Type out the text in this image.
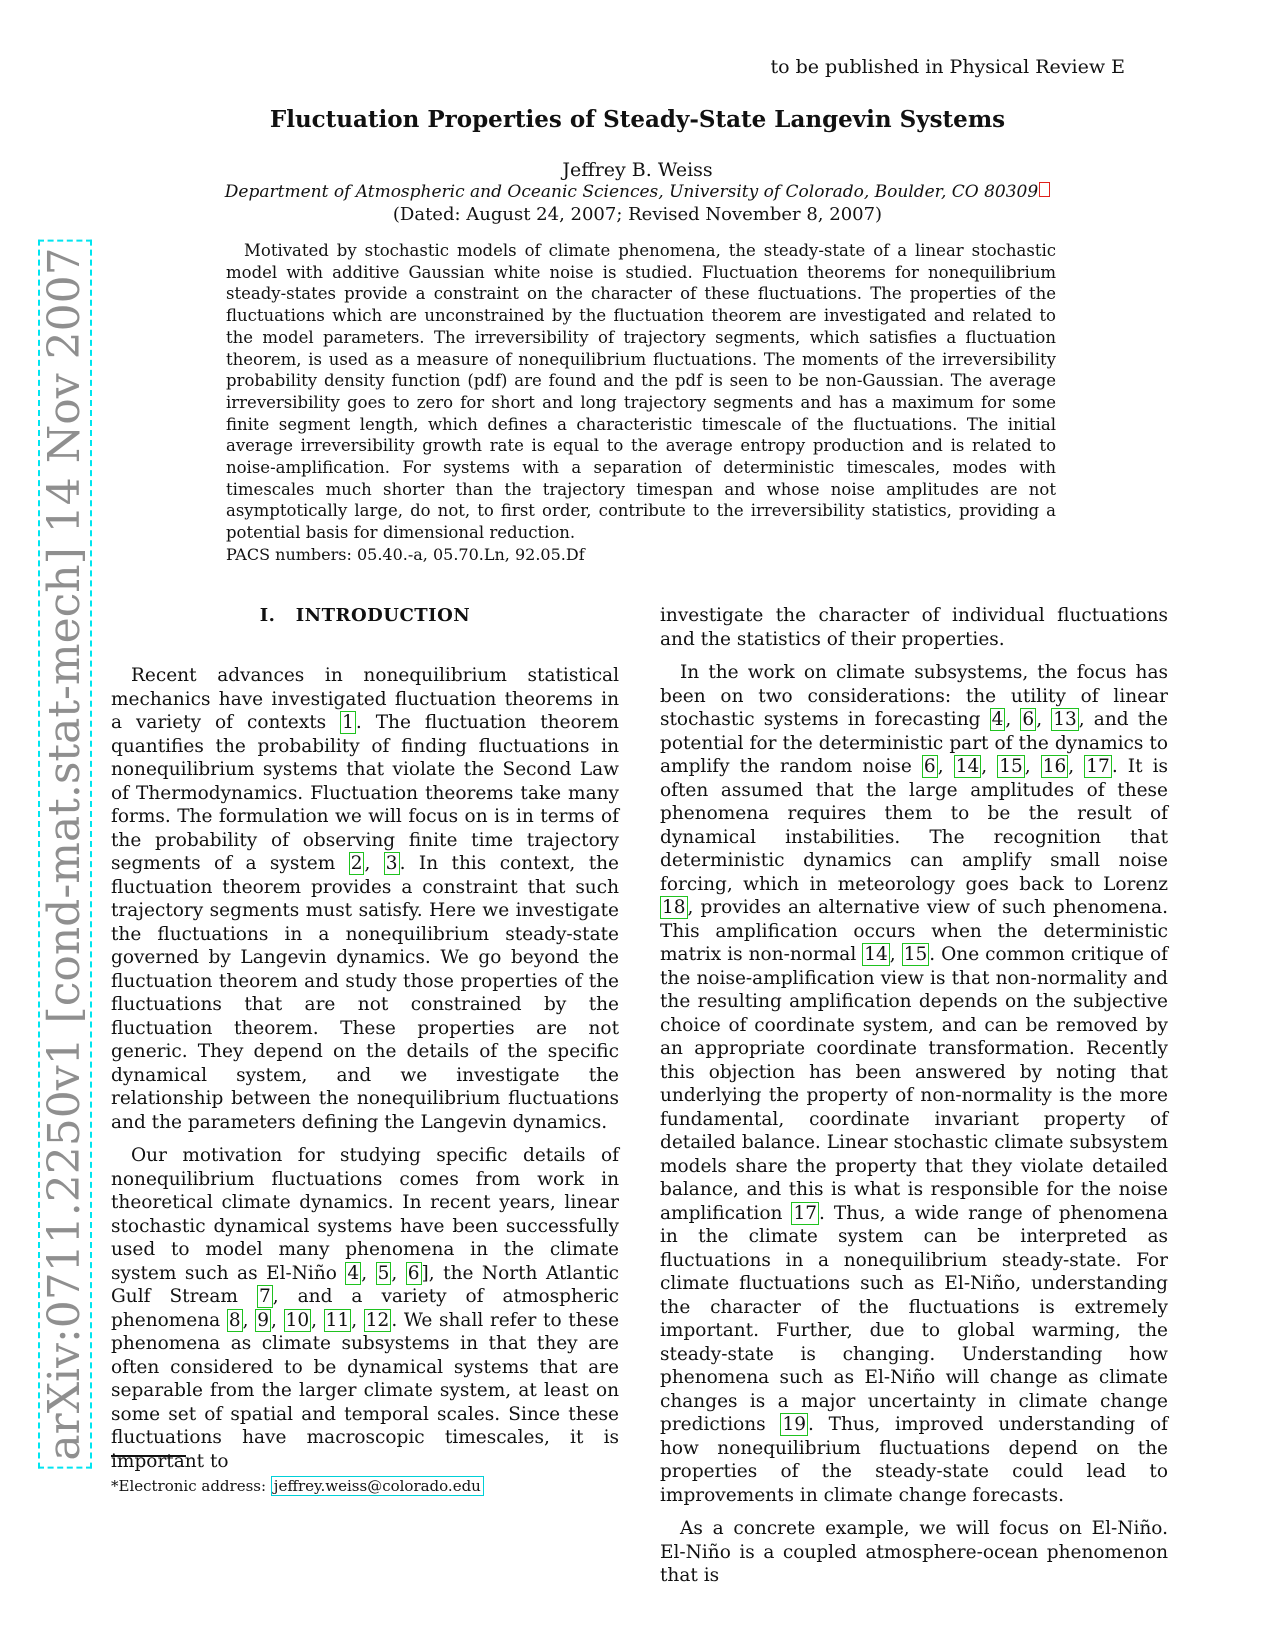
to be published in Physical Review E
Fluctuation Properties of Steady-State Langevin Systems
Jeffrey B. Weiss
Department of Atmospheric and Oceanic Sciences, University of Colorado, Boulder, CO 80309
(Dated: August 24, 2007; Revised November 8, 2007)
Motivated by stochastic models of climate phenomena, the steady-state of a linear stochastic model with additive Gaussian white noise is studied. Fluctuation theorems for nonequilibrium steady-states provide a constraint on the character of these fluctuations. The properties of the fluctuations which are unconstrained by the fluctuation theorem are investigated and related to the model parameters. The irreversibility of trajectory segments, which satisfies a fluctuation theorem, is used as a measure of nonequilibrium fluctuations. The moments of the irreversibility probability density function (pdf) are found and the pdf is seen to be non-Gaussian. The average irreversibility goes to zero for short and long trajectory segments and has a maximum for some finite segment length, which defines a characteristic timescale of the fluctuations. The initial average irreversibility growth rate is equal to the average entropy production and is related to noise-amplification. For systems with a separation of deterministic timescales, modes with timescales much shorter than the trajectory timespan and whose noise amplitudes are not asymptotically large, do not, to first order, contribute to the irreversibility statistics, providing a potential basis for dimensional reduction.
PACS numbers: 05.40.-a, 05.70.Ln, 92.05.Df
I. INTRODUCTION

Recent advances in nonequilibrium statistical mechanics have investigated fluctuation theorems in a variety of contexts 1 . The fluctuation theorem quantifies the probability of finding fluctuations in nonequilibrium systems that violate the Second Law of Thermodynamics. Fluctuation theorems take many forms. The formulation we will focus on is in terms of the probability of observing finite time trajectory segments of a system 2 , 3 . In this context, the fluctuation theorem provides a constraint that such trajectory segments must satisfy. Here we investigate the fluctuations in a nonequilibrium steady-state governed by Langevin dynamics. We go beyond the fluctuation theorem and study those properties of the fluctuations that are not constrained by the fluctuation theorem. These properties are not generic. They depend on the details of the specific dynamical system, and we investigate the relationship between the nonequilibrium fluctuations and the parameters defining the Langevin dynamics.

Our motivation for studying specific details of nonequilibrium fluctuations comes from work in theoretical climate dynamics. In recent years, linear stochastic dynamical systems have been successfully used to model many phenomena in the climate system such as El-Niño 4 , 5 , 6 ], the North Atlantic Gulf Stream 7 , and a variety of atmospheric phenomena 8 , 9 , 10 , 11 , 12 . We shall refer to these phenomena as climate subsystems in that they are often considered to be dynamical systems that are separable from the larger climate system, at least on some set of spatial and temporal scales. Since these fluctuations have macroscopic timescales, it is important to

investigate the character of individual fluctuations and the statistics of their properties.

In the work on climate subsystems, the focus has been on two considerations: the utility of linear stochastic systems in forecasting 4 , 6 , 13 , and the potential for the deterministic part of the dynamics to amplify the random noise 6 , 14 , 15 , 16 , 17 . It is often assumed that the large amplitudes of these phenomena requires them to be the result of dynamical instabilities. The recognition that deterministic dynamics can amplify small noise forcing, which in meteorology goes back to Lorenz 18 , provides an alternative view of such phenomena. This amplification occurs when the deterministic matrix is non-normal 14 , 15 . One common critique of the noise-amplification view is that non-normality and the resulting amplification depends on the subjective choice of coordinate system, and can be removed by an appropriate coordinate transformation. Recently this objection has been answered by noting that underlying the property of non-normality is the more fundamental, coordinate invariant property of detailed balance. Linear stochastic climate subsystem models share the property that they violate detailed balance, and this is what is responsible for the noise amplification 17 . Thus, a wide range of phenomena in the climate system can be interpreted as fluctuations in a nonequilibrium steady-state. For climate fluctuations such as El-Niño, understanding the character of the fluctuations is extremely important. Further, due to global warming, the steady-state is changing. Understanding how phenomena such as El-Niño will change as climate changes is a major uncertainty in climate change predictions 19 . Thus, improved understanding of how nonequilibrium fluctuations depend on the properties of the steady-state could lead to improvements in climate change forecasts.

As a concrete example, we will focus on El-Niño. El-Niño is a coupled atmosphere-ocean phenomenon that is

*Electronic address: jeffrey.weiss@colorado.edu
arXiv:0711.2250v1 [cond-mat.stat-mech] 14 Nov 2007
